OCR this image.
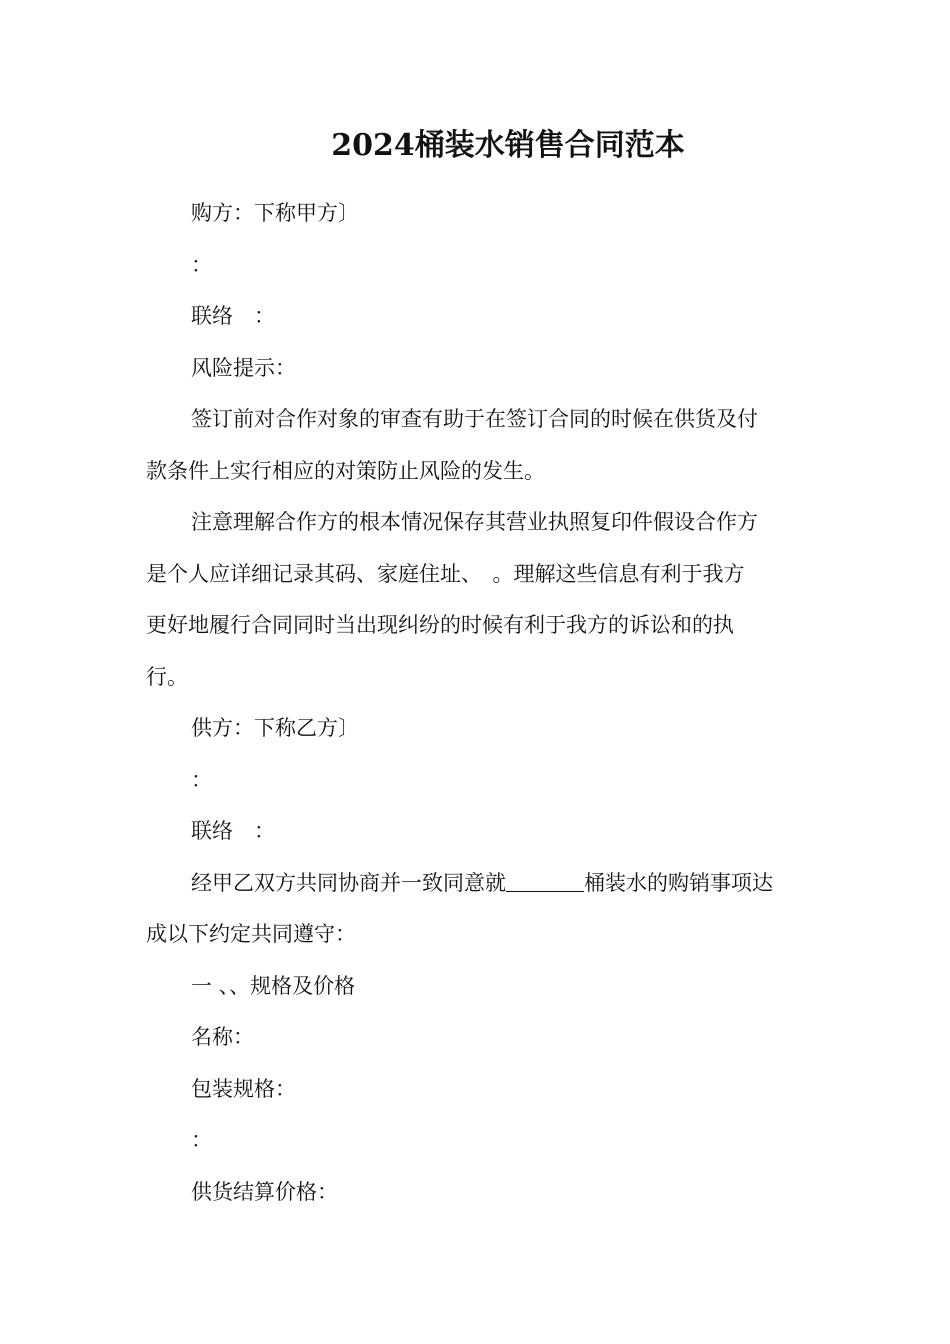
2024桶装水销售合同范本

购方：下称甲方〕

：

联络　：

风险提示：

签订前对合作对象的审查有助于在签订合同的时候在供货及付
款条件上实行相应的对策防止风险的发生。

注意理解合作方的根本情况保存其营业执照复印件假设合作方
是个人应详细记录其码、家庭住址、　。理解这些信息有利于我方
更好地履行合同同时当出现纠纷的时候有利于我方的诉讼和的执
行。

供方：下称乙方〕

：

联络　：

经甲乙双方共同协商并一致同意就	桶装水的购销事项达
成以下约定共同遵守：

一 、、规格及价格

名称：

包装规格：

：

供货结算价格：
